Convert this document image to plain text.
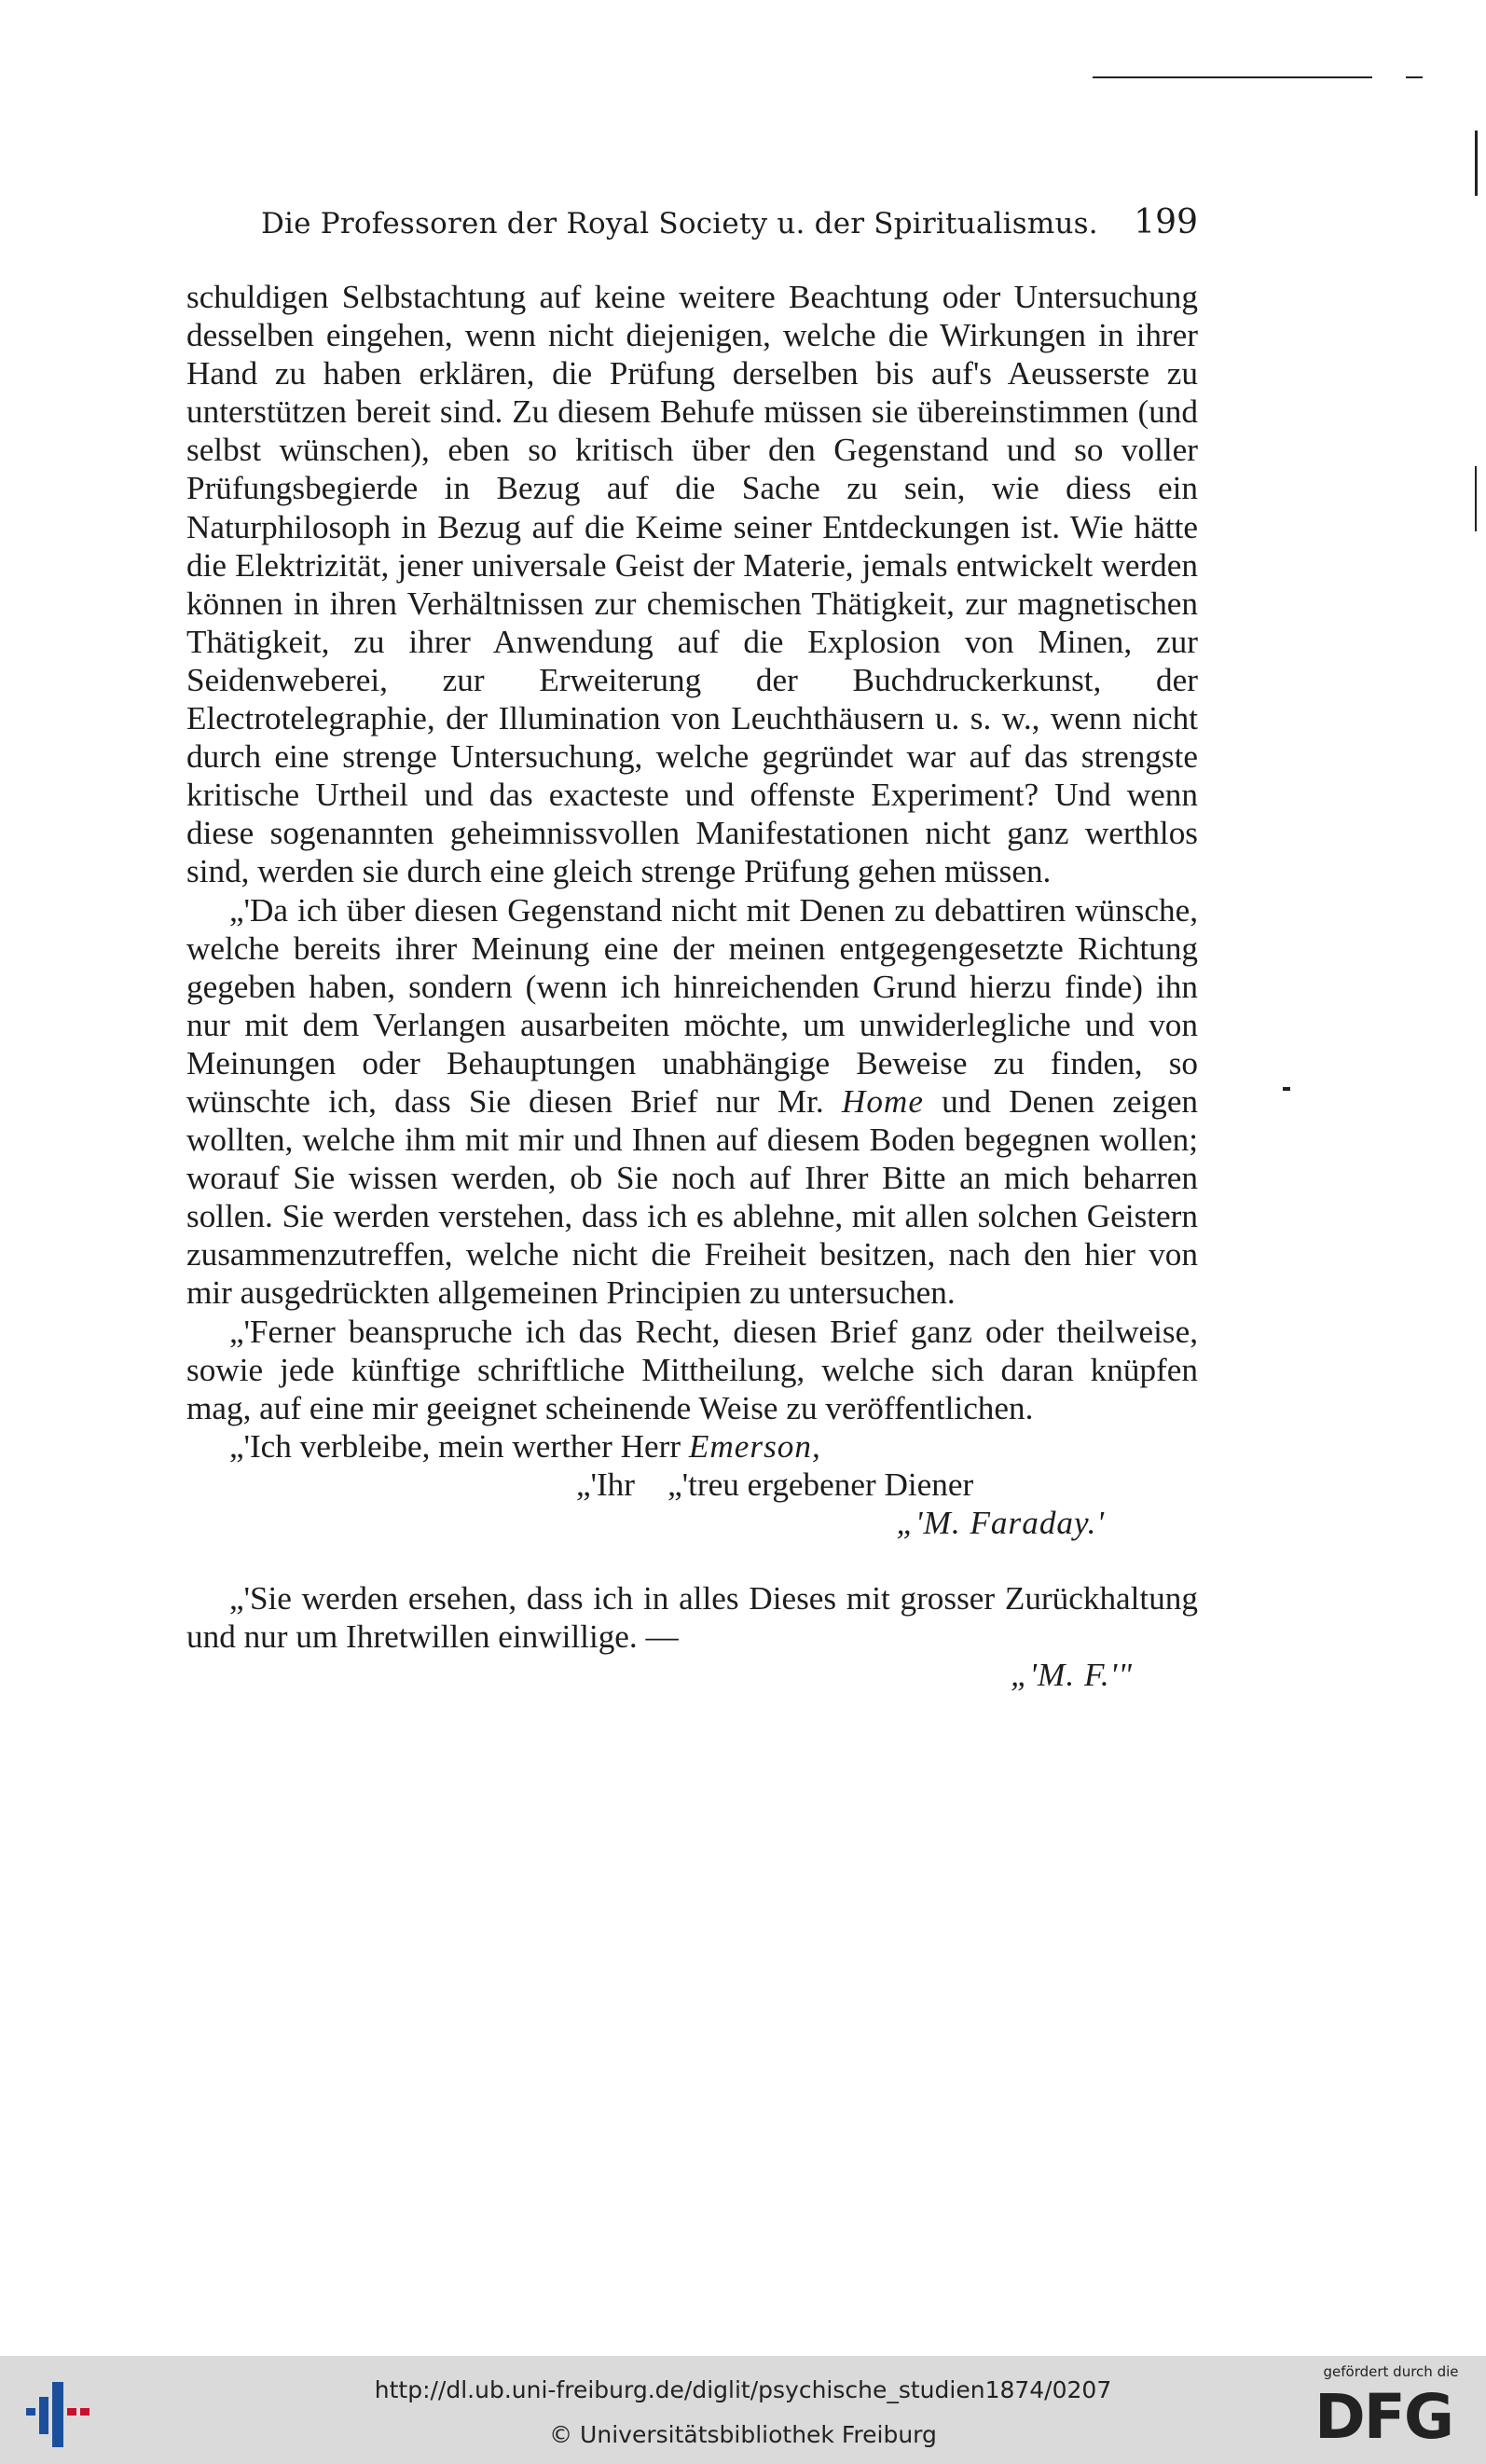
Die Professoren der Royal Society u. der Spiritualismus. 199

schuldigen Selbstachtung auf keine weitere Beachtung oder Untersuchung desselben eingehen, wenn nicht diejenigen, welche die Wirkungen in ihrer Hand zu haben erklären, die Prüfung derselben bis auf's Aeusserste zu unterstützen bereit sind. Zu diesem Behufe müssen sie übereinstimmen (und selbst wünschen), eben so kritisch über den Gegenstand und so voller Prüfungsbegierde in Bezug auf die Sache zu sein, wie diess ein Naturphilosoph in Bezug auf die Keime seiner Entdeckungen ist. Wie hätte die Elektrizität, jener universale Geist der Materie, jemals entwickelt werden können in ihren Verhältnissen zur chemischen Thätigkeit, zur magnetischen Thätigkeit, zu ihrer Anwendung auf die Explosion von Minen, zur Seidenweberei, zur Erweiterung der Buchdruckerkunst, der Electrotelegraphie, der Illumination von Leuchthäusern u. s. w., wenn nicht durch eine strenge Untersuchung, welche gegründet war auf das strengste kritische Urtheil und das exacteste und offenste Experiment? Und wenn diese sogenannten geheimnissvollen Manifestationen nicht ganz werthlos sind, werden sie durch eine gleich strenge Prüfung gehen müssen.

„'Da ich über diesen Gegenstand nicht mit Denen zu debattiren wünsche, welche bereits ihrer Meinung eine der meinen entgegengesetzte Richtung gegeben haben, sondern (wenn ich hinreichenden Grund hierzu finde) ihn nur mit dem Verlangen ausarbeiten möchte, um unwiderlegliche und von Meinungen oder Behauptungen unabhängige Beweise zu finden, so wünschte ich, dass Sie diesen Brief nur Mr. Home und Denen zeigen wollten, welche ihm mit mir und Ihnen auf diesem Boden begegnen wollen; worauf Sie wissen werden, ob Sie noch auf Ihrer Bitte an mich beharren sollen. Sie werden verstehen, dass ich es ablehne, mit allen solchen Geistern zusammenzutreffen, welche nicht die Freiheit besitzen, nach den hier von mir ausgedrückten allgemeinen Principien zu untersuchen.

„'Ferner beanspruche ich das Recht, diesen Brief ganz oder theilweise, sowie jede künftige schriftliche Mittheilung, welche sich daran knüpfen mag, auf eine mir geeignet scheinende Weise zu veröffentlichen.

„'Ich verbleibe, mein werther Herr Emerson,

„'Ihr    „'treu ergebener Diener

„'M. Faraday.'

„'Sie werden ersehen, dass ich in alles Dieses mit grosser Zurückhaltung und nur um Ihretwillen einwillige. —

„'M. F.'"

http://dl.ub.uni-freiburg.de/diglit/psychische_studien1874/0207
© Universitätsbibliothek Freiburg
gefördert durch die
DFG
